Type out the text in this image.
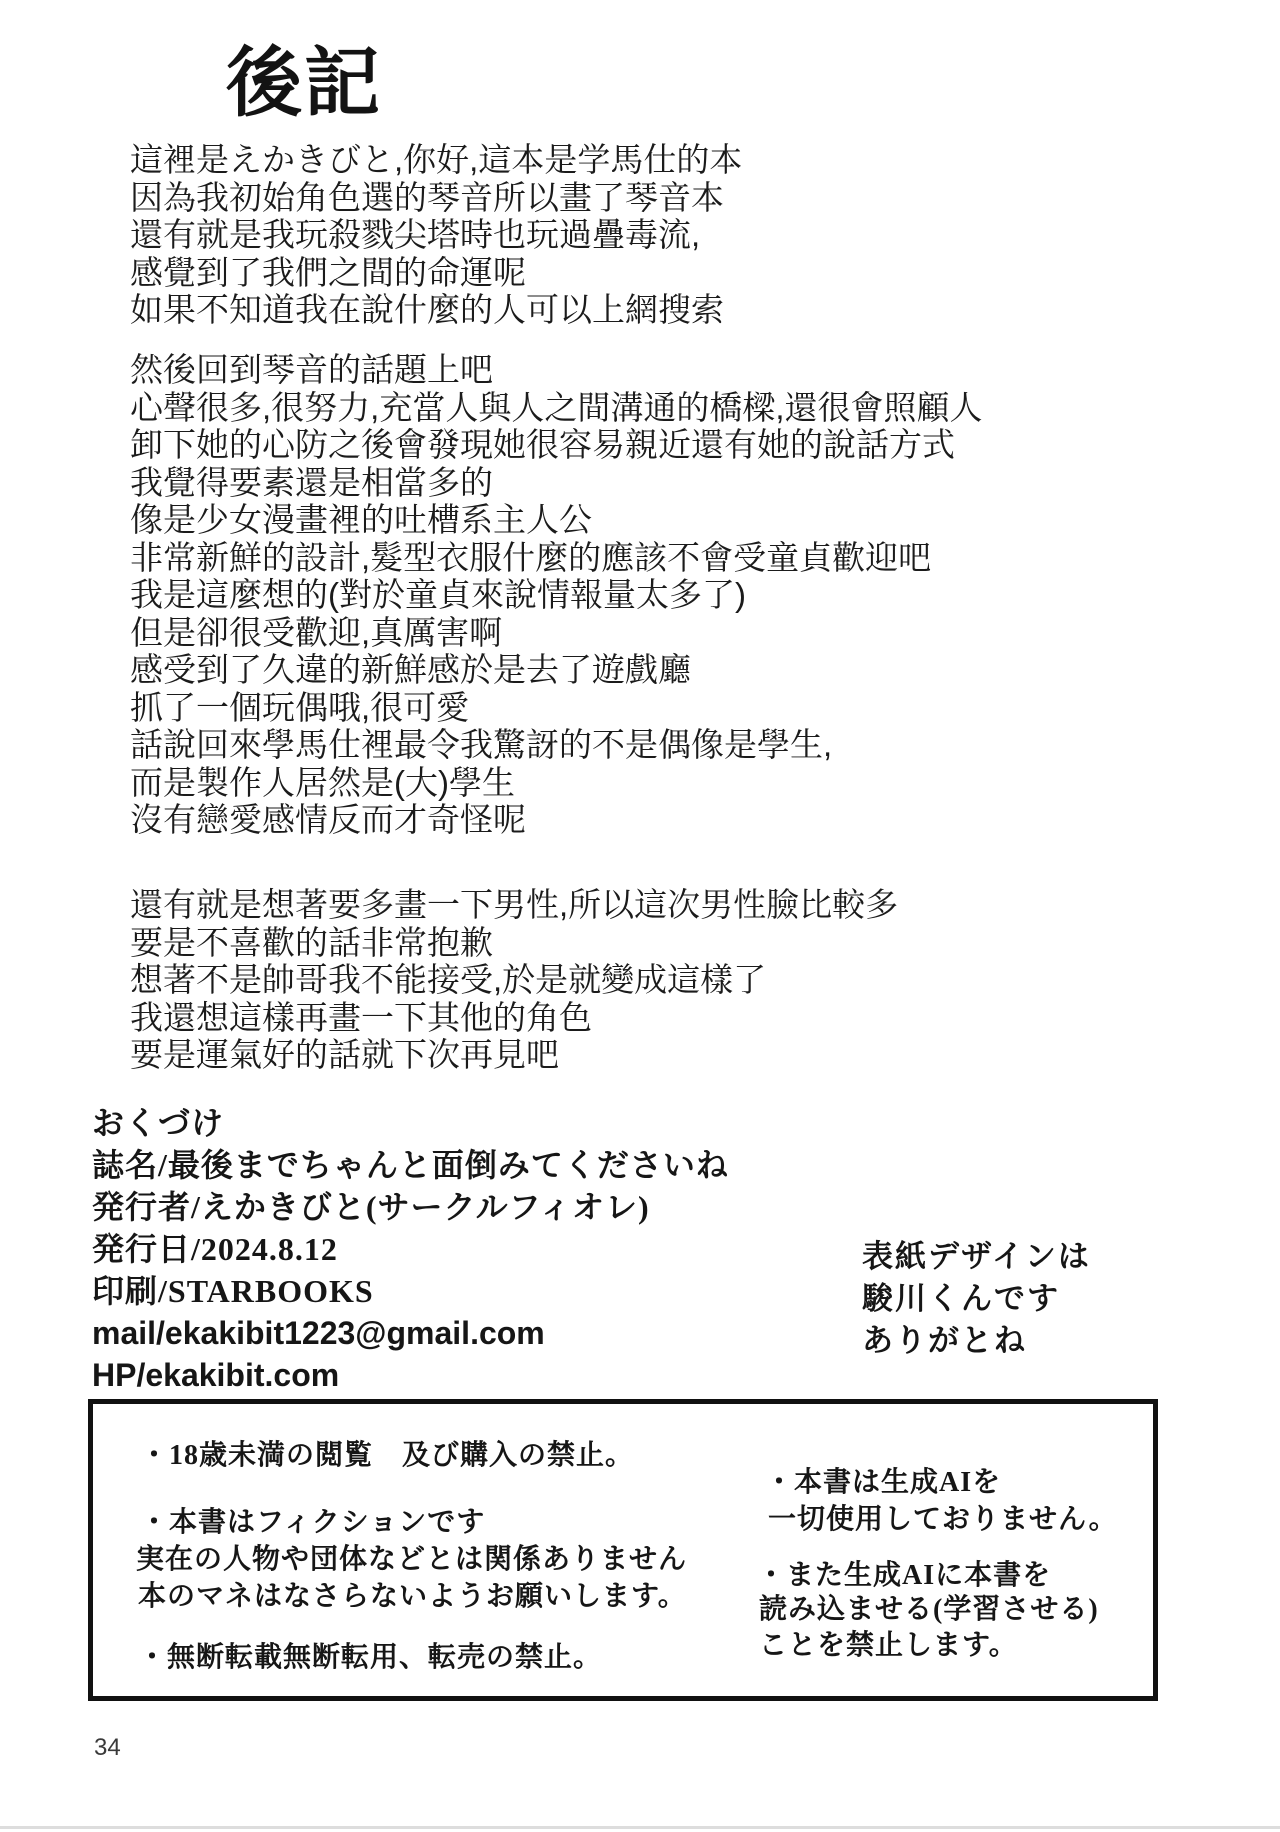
後記
這裡是えかきびと,你好,這本是学馬仕的本
因為我初始角色選的琴音所以畫了琴音本
還有就是我玩殺戮尖塔時也玩過疊毒流,
感覺到了我們之間的命運呢
如果不知道我在說什麼的人可以上網搜索
然後回到琴音的話題上吧
心聲很多,很努力,充當人與人之間溝通的橋樑,還很會照顧人
卸下她的心防之後會發現她很容易親近還有她的說話方式
我覺得要素還是相當多的
像是少女漫畫裡的吐槽系主人公
非常新鮮的設計,髮型衣服什麼的應該不會受童貞歡迎吧
我是這麼想的(對於童貞來說情報量太多了)
但是卻很受歡迎,真厲害啊
感受到了久違的新鮮感於是去了遊戲廳
抓了一個玩偶哦,很可愛
話說回來學馬仕裡最令我驚訝的不是偶像是學生,
而是製作人居然是(大)學生
沒有戀愛感情反而才奇怪呢
還有就是想著要多畫一下男性,所以這次男性臉比較多
要是不喜歡的話非常抱歉
想著不是帥哥我不能接受,於是就變成這樣了
我還想這樣再畫一下其他的角色
要是運氣好的話就下次再見吧
おくづけ
誌名/最後までちゃんと面倒みてくださいね
発行者/えかきびと(サークルフィオレ)
発行日/2024.8.12
印刷/STARBOOKS
mail/ekakibit1223@gmail.com
HP/ekakibit.com
表紙デザインは
駿川くんです
ありがとね
・18歳未満の閲覧　及び購入の禁止。
・本書はフィクションです
実在の人物や団体などとは関係ありません
本のマネはなさらないようお願いします。
・無断転載無断転用、転売の禁止。
・本書は生成AIを
一切使用しておりません。
・また生成AIに本書を
読み込ませる(学習させる)
ことを禁止します。
34
